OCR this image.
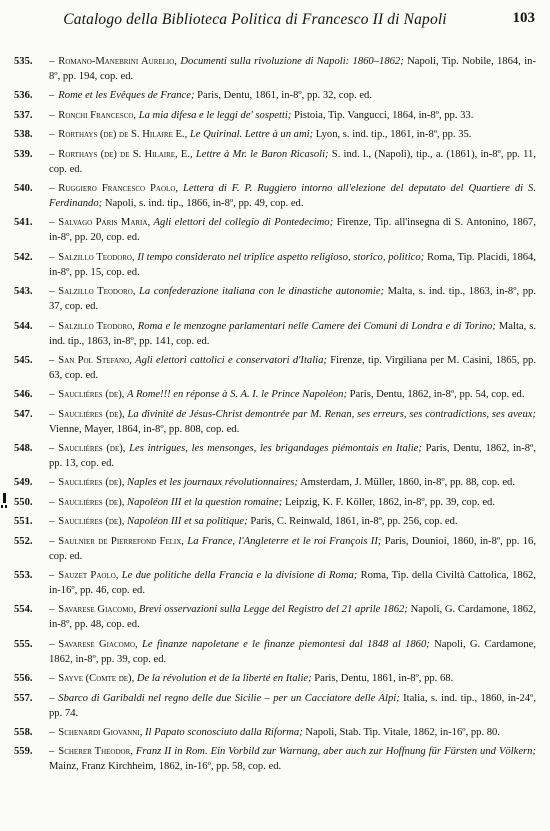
Catalogo della Biblioteca Politica di Francesco II di Napoli	103
535. – Romano-Manebrini Aurelio, Documenti sulla rivoluzione di Napoli: 1860–1862; Napoli, Tip. Nobile, 1864, in-8º, pp. 194, cop. ed.
536. – Rome et les Evêques de France; Paris, Dentu, 1861, in-8º, pp. 32, cop. ed.
537. – Ronchi Francesco, La mia difesa e le leggi de' sospetti; Pistoia, Tip. Vangucci, 1864, in-8º, pp. 33.
538. – Rorthays (de) de S. Hilaire E., Le Quirinal. Lettre à un ami; Lyon, s. ind. tip., 1861, in-8º, pp. 35.
539. – Rorthays (de) de S. Hilaire, E., Lettre à Mr. le Baron Ricasoli; S. ind. l., (Napoli), tip., a. (1861), in-8º, pp. 11, cop. ed.
540. – Ruggiero Francesco Paolo, Lettera di F. P. Ruggiero intorno all'elezione del deputato del Quartiere di S. Ferdinando; Napoli, s. ind. tip., 1866, in-8º, pp. 49, cop. ed.
541. – Salvago Paris Maria, Agli elettori del collegio di Pontedecimo; Firenze, Tip. all'insegna di S. Antonino, 1867, in-8º, pp. 20, cop. ed.
542. – Salzillo Teodoro, Il tempo considerato nel triplice aspetto religioso, storico, politico; Roma, Tip. Placidi, 1864, in-8º, pp. 15, cop. ed.
543. – Salzillo Teodoro, La confederazione italiana con le dinastiche autonomie; Malta, s. ind. tip., 1863, in-8º, pp. 37, cop. ed.
544. – Salzillo Teodoro, Roma e le menzogne parlamentari nelle Camere dei Comuni di Londra e di Torino; Malta, s. ind. tip., 1863, in-8º, pp. 141, cop. ed.
545. – San Pol Stefano, Agli elettori cattolici e conservatori d'Italia; Firenze, tip. Virgiliana per M. Casini, 1865, pp. 63, cop. ed.
546. – Saucliéres (de), A Rome!!! en réponse à S. A. I. le Prince Napoléon; Paris, Dentu, 1862, in-8º, pp. 54, cop. ed.
547. – Saucliéres (de), La divinité de Jésus-Christ demontrée par M. Renan, ses erreurs, ses contradictions, ses aveux; Vienne, Mayer, 1864, in-8º, pp. 808, cop. ed.
548. – Saucliéres (de), Les intrigues, les mensonges, les brigandages piémontais en Italie; Paris, Dentu, 1862, in-8º, pp. 13, cop. ed.
549. – Saucliéres (de), Naples et les journaux révolutionnaires; Amsterdam, J. Müller, 1860, in-8º, pp. 88, cop. ed.
550. – Saucliéres (de), Napoléon III et la question romaine; Leipzig, K. F. Köller, 1862, in-8º, pp. 39, cop. ed.
551. – Saucliéres (de), Napoléon III et sa politique; Paris, C. Reinwald, 1861, in-8º, pp. 256, cop. ed.
552. – Saulnier de Pierrefond Felix, La France, l'Angleterre et le roi François II; Paris, Dounioi, 1860, in-8º, pp. 16, cop. ed.
553. – Sauzet Paolo, Le due politiche della Francia e la divisione di Roma; Roma, Tip. della Civiltà Cattolica, 1862, in-16º, pp. 46, cop. ed.
554. – Savarese Giacomo, Brevi osservazioni sulla Legge del Registro del 21 aprile 1862; Napoli, G. Cardamone, 1862, in-8º, pp. 48, cop. ed.
555. – Savarese Giacomo, Le finanze napoletane e le finanze piemontesi dal 1848 al 1860; Napoli, G. Cardamone, 1862, in-8º, pp. 39, cop. ed.
556. – Sayve (Comte de), De la révolution et de la liberté en Italie; Paris, Dentu, 1861, in-8º, pp. 68.
557. – Sbarco di Garibaldi nel regno delle due Sicilie – per un Cacciatore delle Alpi; Italia, s. ind. tip., 1860, in-24º, pp. 74.
558. – Schenardi Giovanni, Il Papato sconosciuto dalla Riforma; Napoli, Stab. Tip. Vitale, 1862, in-16º, pp. 80.
559. – Scherer Theodor, Franz II in Rom. Ein Vorbild zur Warnung, aber auch zur Hoffnung für Fürsten und Völkern; Mainz, Franz Kirchheim, 1862, in-16º, pp. 58, cop. ed.
